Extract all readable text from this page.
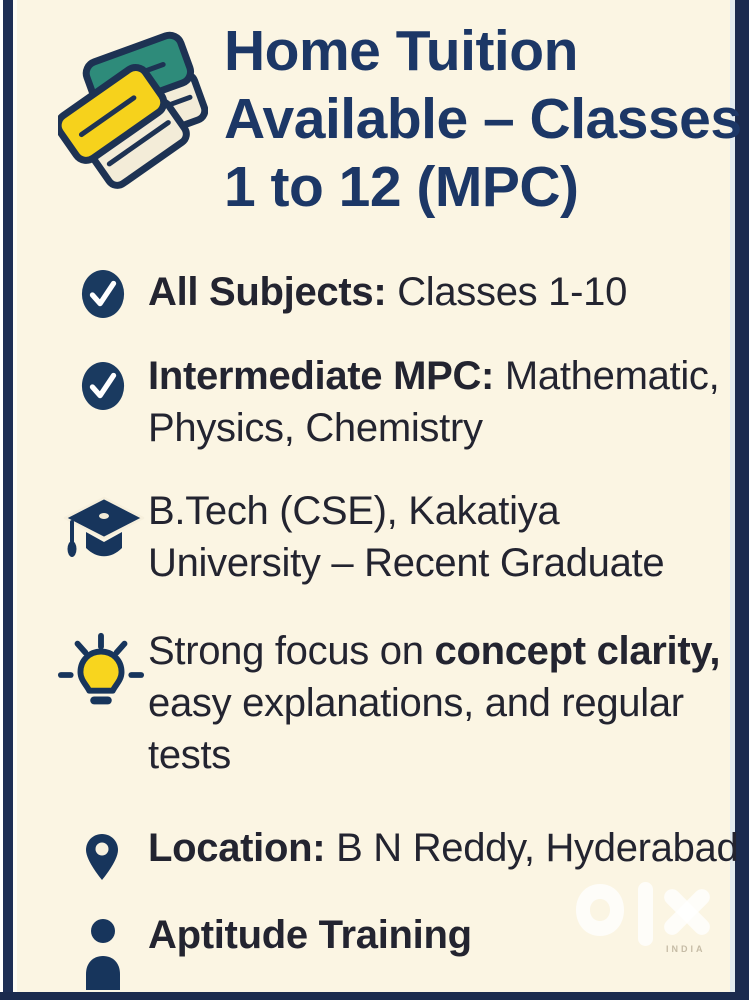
Home Tuition
Available – Classes
1 to 12 (MPC)
All Subjects: Classes 1-10
Intermediate MPC: Mathematic,
Physics, Chemistry
B.Tech (CSE), Kakatiya
University – Recent Graduate
Strong focus on concept clarity,
easy explanations, and regular
tests
Location: B N Reddy, Hyderabad
Aptitude Training	INDIA
